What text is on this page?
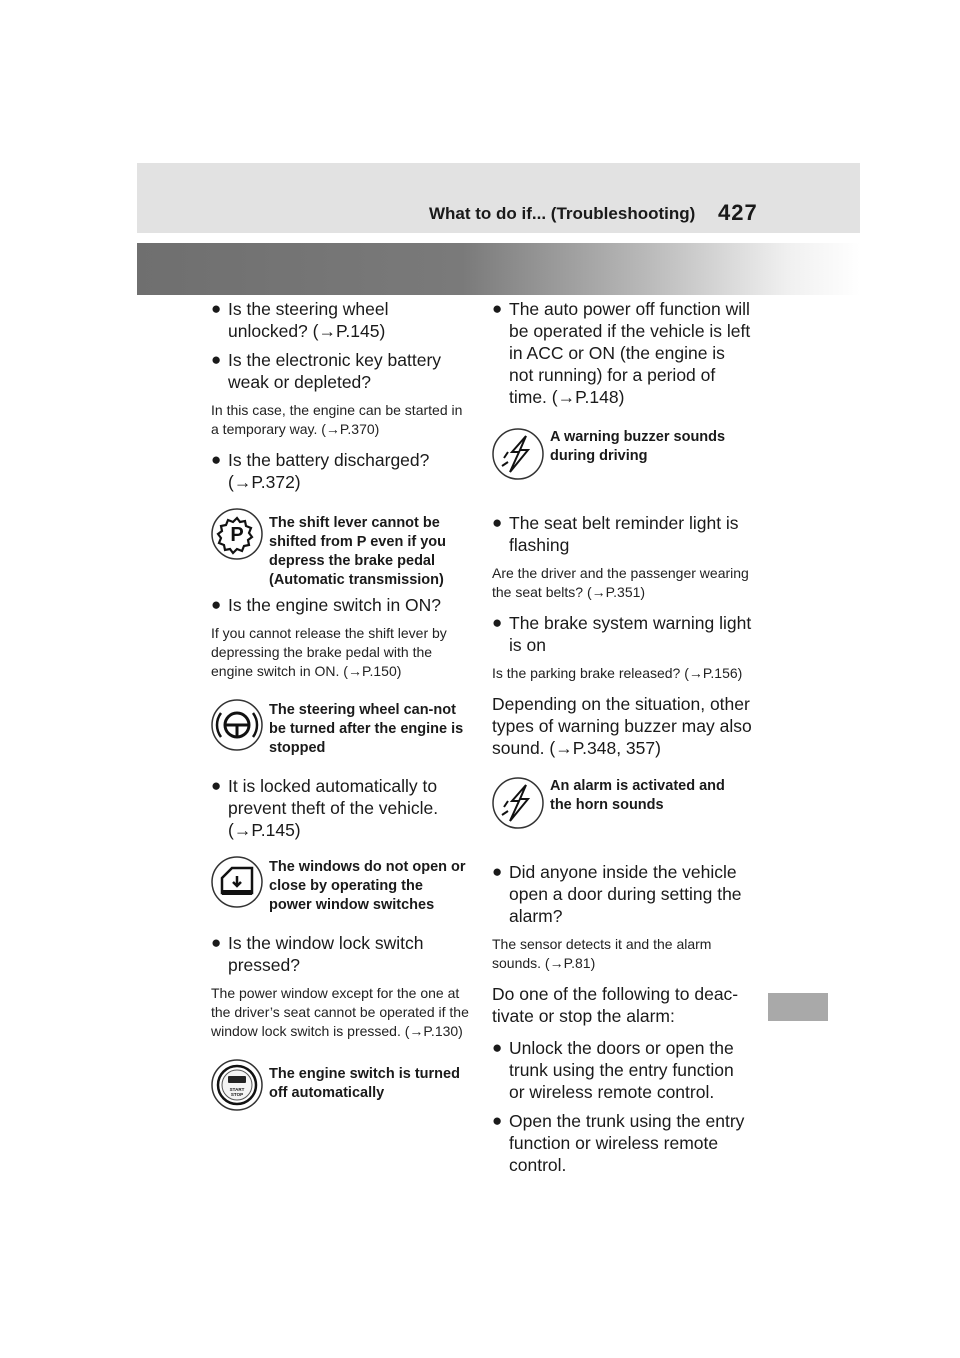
What to do if... (Troubleshooting) 427
● Is the steering wheel unlocked? (→P.145)
● Is the electronic key battery weak or depleted?
In this case, the engine can be started in a temporary way. (→P.370)
● Is the battery discharged? (→P.372)
P
The shift lever cannot be shifted from P even if you depress the brake pedal (Automatic transmission)
● Is the engine switch in ON?
If you cannot release the shift lever by depressing the brake pedal with the engine switch in ON. (→P.150)
The steering wheel can-not be turned after the engine is stopped
● It is locked automatically to prevent theft of the vehicle. (→P.145)
The windows do not open or close by operating the power window switches
● Is the window lock switch pressed?
The power window except for the one at the driver’s seat cannot be operated if the window lock switch is pressed. (→P.130)
START
STOP
The engine switch is turned off automatically
● The auto power off function will be operated if the vehicle is left in ACC or ON (the engine is not running) for a period of time. (→P.148)
A warning buzzer sounds during driving
● The seat belt reminder light is flashing
Are the driver and the passenger wearing the seat belts? (→P.351)
● The brake system warning light is on
Is the parking brake released? (→P.156)
Depending on the situation, other types of warning buzzer may also sound. (→P.348, 357)
An alarm is activated and the horn sounds
● Did anyone inside the vehicle open a door during setting the alarm?
The sensor detects it and the alarm sounds. (→P.81)
Do one of the following to deac-tivate or stop the alarm:
● Unlock the doors or open the trunk using the entry function or wireless remote control.
● Open the trunk using the entry function or wireless remote control.
